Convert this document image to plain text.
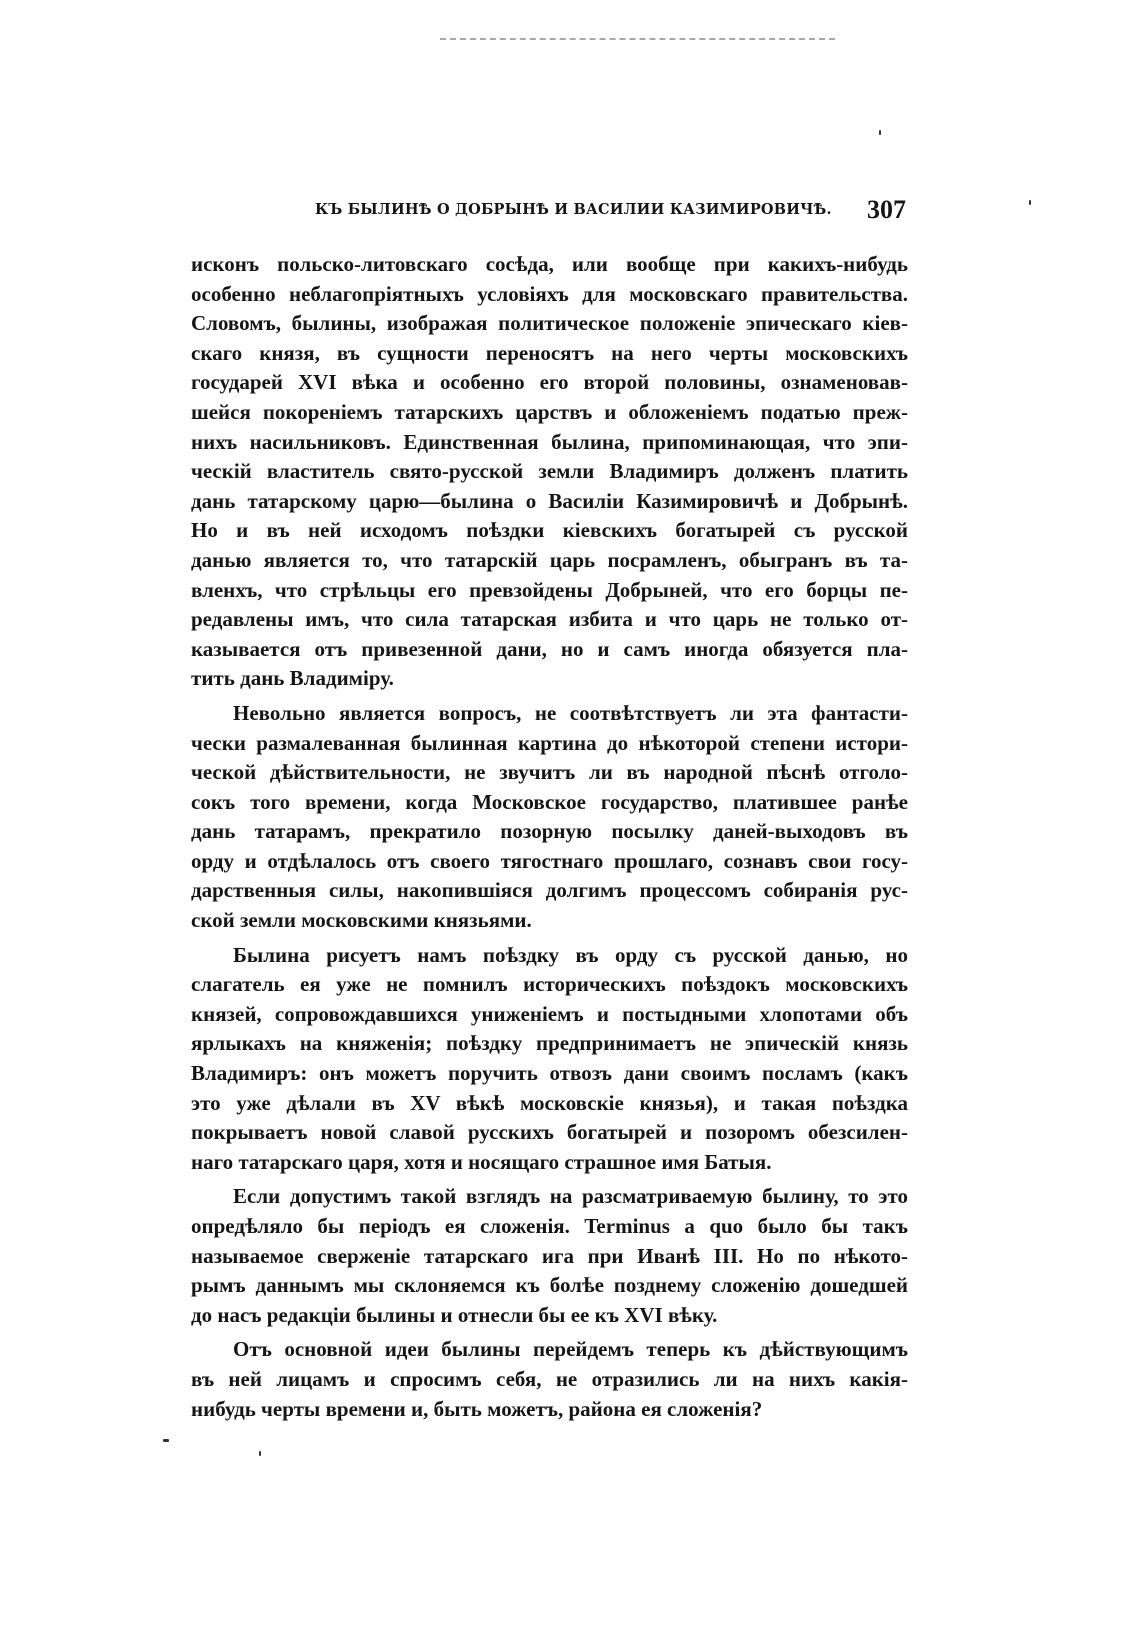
КЪ БЫЛИНѢ О ДОБРЫНѢ И ВАСИЛИИ КАЗИМИРОВИЧѢ. 307
исконъ польско-литовскаго сосѣда, или вообще при какихъ-нибудь
особенно неблагопріятныхъ условіяхъ для московскаго правительства.
Словомъ, былины, изображая политическое положеніе эпическаго кіев-
скаго князя, въ сущности переносятъ на него черты московскихъ
государей XVI вѣка и особенно его второй половины, ознаменовав-
шейся покореніемъ татарскихъ царствъ и обложеніемъ податью преж-
нихъ насильниковъ. Единственная былина, припоминающая, что эпи-
ческій властитель свято-русской земли Владимиръ долженъ платить
дань татарскому царю—былина о Василіи Казимировичѣ и Добрынѣ.
Но и въ ней исходомъ поѣздки кіевскихъ богатырей съ русской
данью является то, что татарскій царь посрамленъ, обыгранъ въ та-
вленхъ, что стрѣльцы его превзойдены Добрыней, что его борцы пе-
редавлены имъ, что сила татарская избита и что царь не только от-
казывается отъ привезенной дани, но и самъ иногда обязуется пла-
тить дань Владиміру.
Невольно является вопросъ, не соотвѣтствуетъ ли эта фантасти-
чески размалеванная былинная картина до нѣкоторой степени истори-
ческой дѣйствительности, не звучитъ ли въ народной пѣснѣ отголо-
сокъ того времени, когда Московское государство, платившее ранѣе
дань татарамъ, прекратило позорную посылку даней-выходовъ въ
орду и отдѣлалось отъ своего тягостнаго прошлаго, сознавъ свои госу-
дарственныя силы, накопившіяся долгимъ процессомъ собиранія рус-
ской земли московскими князьями.
Былина рисуетъ намъ поѣздку въ орду съ русской данью, но
слагатель ея уже не помнилъ историческихъ поѣздокъ московскихъ
князей, сопровождавшихся униженіемъ и постыдными хлопотами объ
ярлыкахъ на княженія; поѣздку предпринимаетъ не эпическій князь
Владимиръ: онъ можетъ поручить отвозъ дани своимъ посламъ (какъ
это уже дѣлали въ XV вѣкѣ московскіе князья), и такая поѣздка
покрываетъ новой славой русскихъ богатырей и позоромъ обезсилен-
наго татарскаго царя, хотя и носящаго страшное имя Батыя.
Если допустимъ такой взглядъ на разсматриваемую былину, то это
опредѣляло бы періодъ ея сложенія. Terminus a quo было бы такъ
называемое сверженіе татарскаго ига при Иванѣ III. Но по нѣкото-
рымъ даннымъ мы склоняемся къ болѣе позднему сложенію дошедшей
до насъ редакціи былины и отнесли бы ее къ XVI вѣку.
Отъ основной идеи былины перейдемъ теперь къ дѣйствующимъ
въ ней лицамъ и спросимъ себя, не отразились ли на нихъ какія-
нибудь черты времени и, быть можетъ, района ея сложенія?
